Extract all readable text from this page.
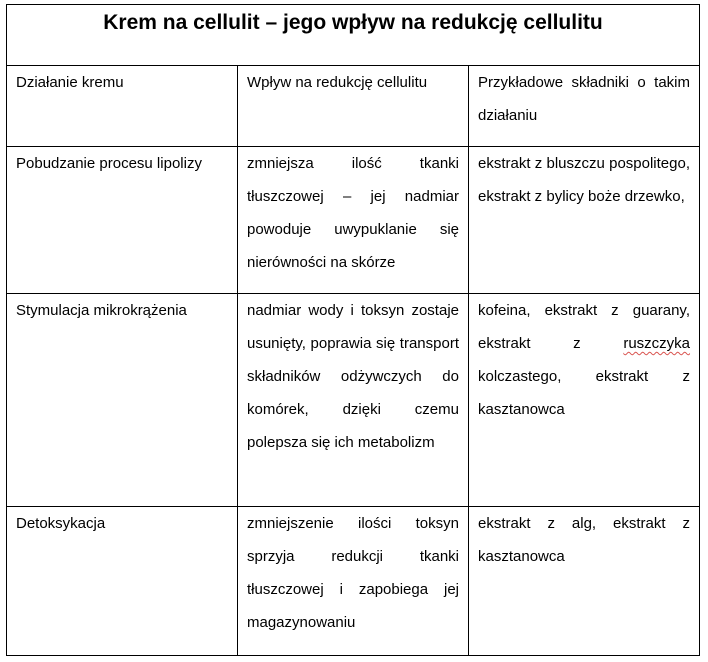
Krem na cellulit – jego wpływ na redukcję cellulitu		
Działanie kremu	Wpływ na redukcję cellulitu	Przykładowe składniki o takim działaniu
Pobudzanie procesu lipolizy	zmniejsza ilość tkanki tłuszczowej – jej nadmiar powoduje uwypuklanie się nierówności na skórze	ekstrakt z bluszczu pospolitego, ekstrakt z bylicy boże drzewko,
Stymulacja mikrokrążenia	nadmiar wody i toksyn zostaje usunięty, poprawia się transport składników odżywczych do komórek, dzięki czemu polepsza się ich metabolizm	kofeina, ekstrakt z guarany, ekstrakt z ruszczyka kolczastego, ekstrakt z kasztanowca
Detoksykacja	zmniejszenie ilości toksyn sprzyja redukcji tkanki tłuszczowej i zapobiega jej magazynowaniu	ekstrakt z alg, ekstrakt z kasztanowca
